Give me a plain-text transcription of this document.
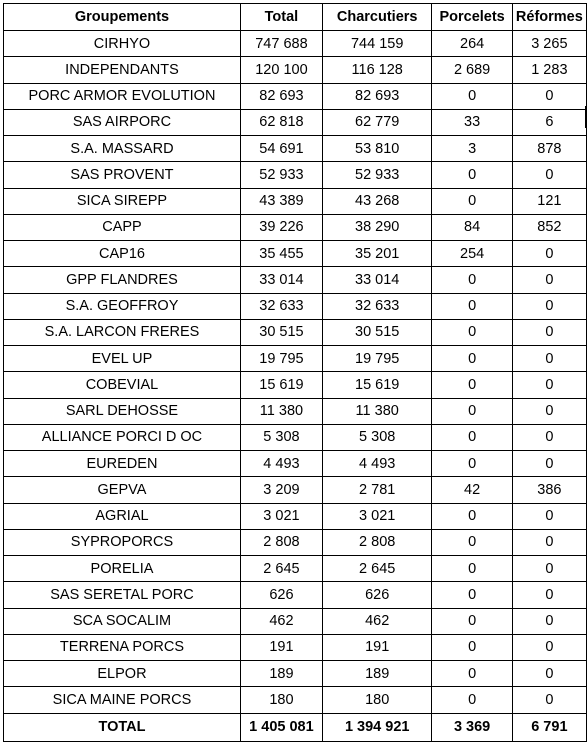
Groupements	Total	Charcutiers	Porcelets	Réformes
CIRHYO	747 688	744 159	264	3 265
INDEPENDANTS	120 100	116 128	2 689	1 283
PORC ARMOR EVOLUTION	82 693	82 693	0	0
SAS AIRPORC	62 818	62 779	33	6
S.A. MASSARD	54 691	53 810	3	878
SAS PROVENT	52 933	52 933	0	0
SICA SIREPP	43 389	43 268	0	121
CAPP	39 226	38 290	84	852
CAP16	35 455	35 201	254	0
GPP FLANDRES	33 014	33 014	0	0
S.A. GEOFFROY	32 633	32 633	0	0
S.A. LARCON FRERES	30 515	30 515	0	0
EVEL UP	19 795	19 795	0	0
COBEVIAL	15 619	15 619	0	0
SARL DEHOSSE	11 380	11 380	0	0
ALLIANCE PORCI D OC	5 308	5 308	0	0
EUREDEN	4 493	4 493	0	0
GEPVA	3 209	2 781	42	386
AGRIAL	3 021	3 021	0	0
SYPROPORCS	2 808	2 808	0	0
PORELIA	2 645	2 645	0	0
SAS SERETAL PORC	626	626	0	0
SCA SOCALIM	462	462	0	0
TERRENA PORCS	191	191	0	0
ELPOR	189	189	0	0
SICA MAINE PORCS	180	180	0	0
TOTAL	1 405 081	1 394 921	3 369	6 791
